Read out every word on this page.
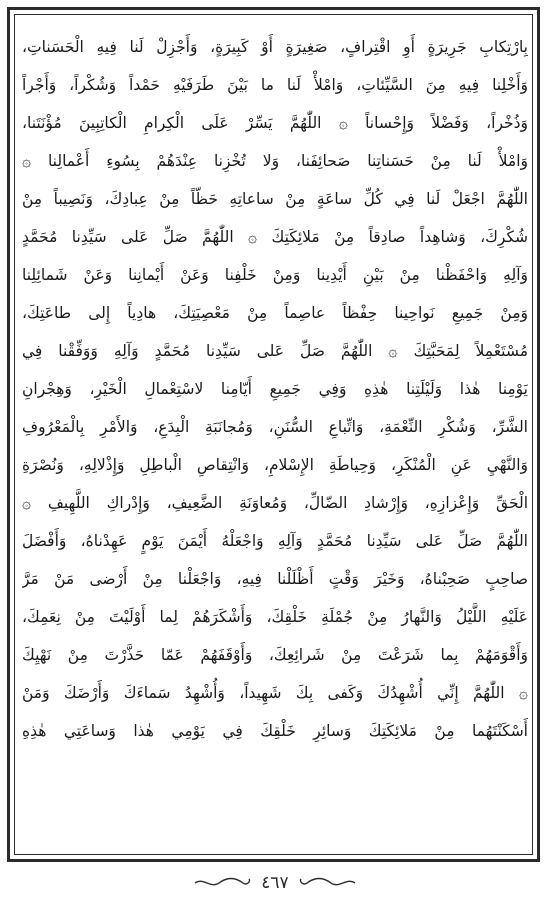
بِارْتِكابِ جَرِيرَةٍ أَوِ اقْتِرافٍ، صَغِيرَةٍ أَوْ كَبِيرَةٍ، وَأَجْزِلْ لَنا فِيهِ الْحَسَناتِ،
وَأَخْلِنا فِيهِ مِنَ السَّيِّئاتِ، وَامْلأْ لَنا ما بَيْنَ طَرَفَيْهِ حَمْداً وَشُكْراً، وَأَجْراً
وَذُخْراً، وَفَضْلاً وَإِحْساناً ۞ اللّٰهُمَّ يَسِّرْ عَلَى الْكِرامِ الْكاتِبِينَ مُؤْنَتَنا،
وَامْلأْ لَنا مِنْ حَسَناتِنا صَحائِفَنا، وَلا تُخْزِنا عِنْدَهُمْ بِسُوءِ أَعْمالِنا ۞
اللّٰهُمَّ اجْعَلْ لَنا فِي كُلِّ ساعَةٍ مِنْ ساعاتِهِ حَظّاً مِنْ عِبادِكَ، وَنَصِيباً مِنْ
شُكْرِكَ، وَشاهِداً صادِقاً مِنْ مَلائِكَتِكَ ۞ اللّٰهُمَّ صَلِّ عَلى سَيِّدِنا مُحَمَّدٍ
وَآلِهِ وَاحْفَظْنا مِنْ بَيْنِ أَيْدِينا وَمِنْ خَلْفِنا وَعَنْ أَيْمانِنا وَعَنْ شَمائِلِنا
وَمِنْ جَمِيعِ نَواحِينا حِفْظاً عاصِماً مِنْ مَعْصِيَتِكَ، هادِياً إِلى طاعَتِكَ،
مُسْتَعْمِلاً لِمَحَبَّتِكَ ۞ اللّٰهُمَّ صَلِّ عَلى سَيِّدِنا مُحَمَّدٍ وَآلِهِ وَوَفِّقْنا فِي
يَوْمِنا هٰذا وَلَيْلَتِنا هٰذِهِ وَفِي جَمِيعِ أَيّامِنا لاسْتِعْمالِ الْخَيْرِ، وَهِجْرانِ
الشَّرِّ، وَشُكْرِ النِّعْمَةِ، وَاتِّباعِ السُّنَنِ، وَمُجانَبَةِ الْبِدَعِ، وَالأَمْرِ بِالْمَعْرُوفِ
وَالنَّهْيِ عَنِ الْمُنْكَرِ، وَحِياطَةِ الإِسْلامِ، وَانْتِقاصِ الْباطِلِ وَإِذْلالِهِ، وَنُصْرَةِ
الْحَقِّ وَإِعْزازِهِ، وَإِرْشادِ الضّالِّ، وَمُعاوَنَةِ الضَّعِيفِ، وَإِدْراكِ اللَّهِيفِ ۞
اللّٰهُمَّ صَلِّ عَلى سَيِّدِنا مُحَمَّدٍ وَآلِهِ وَاجْعَلْهُ أَيْمَنَ يَوْمٍ عَهِدْناهُ، وَأَفْضَلَ
صاحِبٍ صَحِبْناهُ، وَخَيْرَ وَقْتٍ أَظْلَلْنا فِيهِ، وَاجْعَلْنا مِنْ أَرْضى مَنْ مَرَّ
عَلَيْهِ اللَّيْلُ وَالنَّهارُ مِنْ جُمْلَةِ خَلْقِكَ، وَأَشْكَرَهُمْ لِما أَوْلَيْتَ مِنْ نِعَمِكَ،
وَأَقْوَمَهُمْ بِما شَرَعْتَ مِنْ شَرائِعِكَ، وَأَوْقَفَهُمْ عَمّا حَذَّرْتَ مِنْ نَهْيِكَ
۞ اللّٰهُمَّ إِنِّي أُشْهِدُكَ وَكَفى بِكَ شَهِيداً، وَأُشْهِدُ سَماءَكَ وَأَرْضَكَ وَمَنْ
أَسْكَنْتَهُما مِنْ مَلائِكَتِكَ وَسائِرِ خَلْقِكَ فِي يَوْمِي هٰذا وَساعَتِي هٰذِهِ
٤٦٧
